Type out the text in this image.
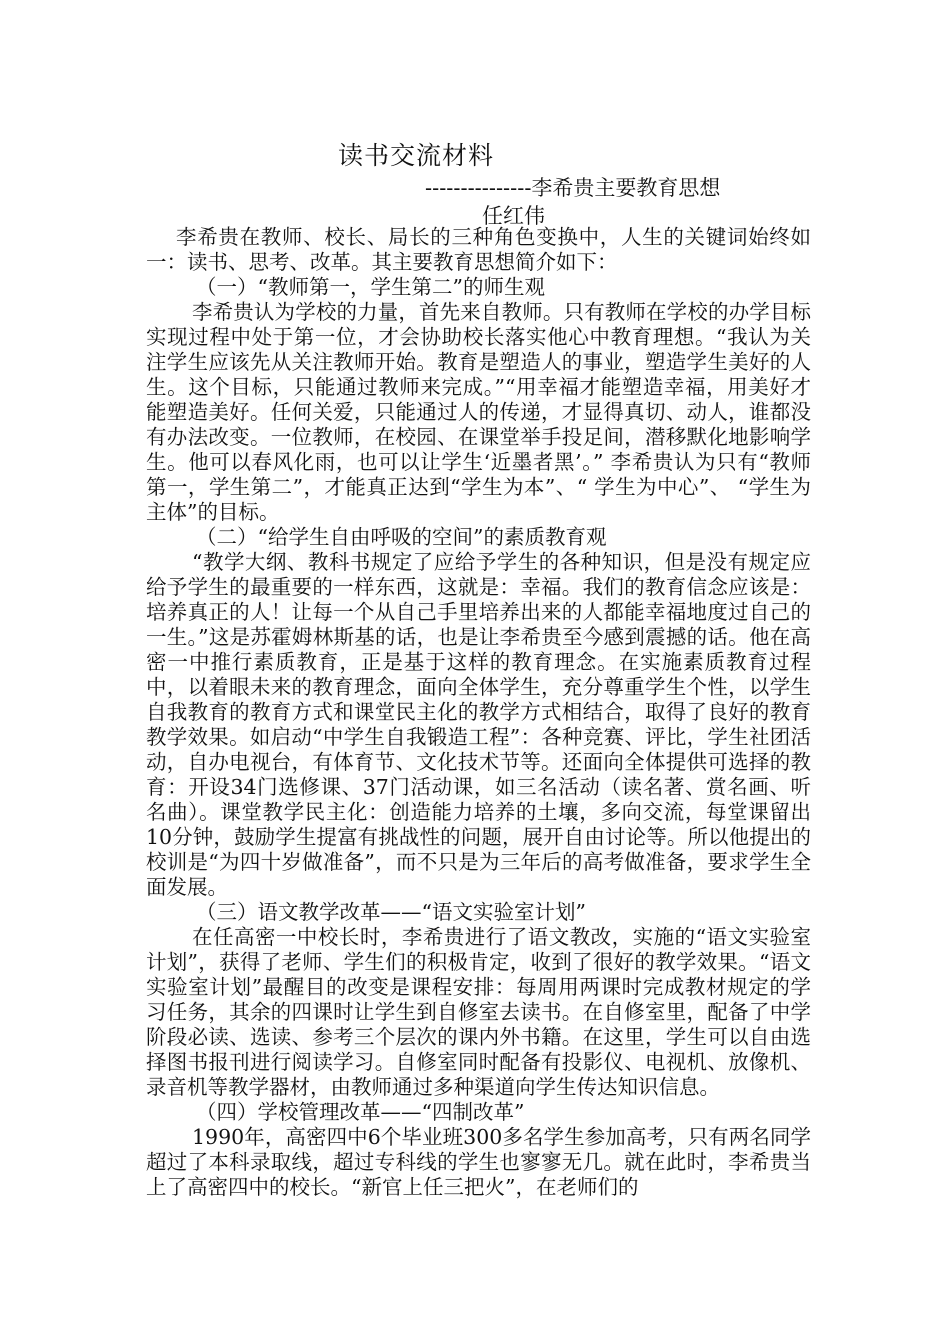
读书交流材料
---------------李希贵主要教育思想
任红伟

李希贵在教师、校长、局长的三种角色变换中，人生的关键词始终如一：读书、思考、改革。其主要教育思想简介如下：

（一）“教师第一，学生第二”的师生观

李希贵认为学校的力量，首先来自教师。只有教师在学校的办学目标实现过程中处于第一位，才会协助校长落实他心中教育理想。“我认为关注学生应该先从关注教师开始。教育是塑造人的事业，塑造学生美好的人生。这个目标，只能通过教师来完成。”“用幸福才能塑造幸福，用美好才能塑造美好。任何关爱，只能通过人的传递，才显得真切、动人，谁都没有办法改变。一位教师，在校园、在课堂举手投足间，潜移默化地影响学生。他可以春风化雨，也可以让学生‘近墨者黑’。” 李希贵认为只有“教师第一，学生第二”，才能真正达到“学生为本”、“ 学生为中心”、 “学生为主体”的目标。

（二）“给学生自由呼吸的空间”的素质教育观

“教学大纲、教科书规定了应给予学生的各种知识，但是没有规定应给予学生的最重要的一样东西，这就是：幸福。我们的教育信念应该是：培养真正的人！让每一个从自己手里培养出来的人都能幸福地度过自己的一生。”这是苏霍姆林斯基的话，也是让李希贵至今感到震撼的话。他在高密一中推行素质教育，正是基于这样的教育理念。在实施素质教育过程中，以着眼未来的教育理念，面向全体学生，充分尊重学生个性，以学生自我教育的教育方式和课堂民主化的教学方式相结合，取得了良好的教育教学效果。如启动“中学生自我锻造工程”：各种竞赛、评比，学生社团活动，自办电视台，有体育节、文化技术节等。还面向全体提供可选择的教育：开设34门选修课、37门活动课，如三名活动（读名著、赏名画、听名曲）。课堂教学民主化：创造能力培养的土壤，多向交流，每堂课留出10分钟，鼓励学生提富有挑战性的问题，展开自由讨论等。所以他提出的校训是“为四十岁做准备”，而不只是为三年后的高考做准备，要求学生全面发展。

（三）语文教学改革——“语文实验室计划”

在任高密一中校长时，李希贵进行了语文教改，实施的“语文实验室计划”，获得了老师、学生们的积极肯定，收到了很好的教学效果。“语文实验室计划”最醒目的改变是课程安排：每周用两课时完成教材规定的学习任务，其余的四课时让学生到自修室去读书。在自修室里，配备了中学阶段必读、选读、参考三个层次的课内外书籍。在这里，学生可以自由选择图书报刊进行阅读学习。自修室同时配备有投影仪、电视机、放像机、录音机等教学器材，由教师通过多种渠道向学生传达知识信息。

（四）学校管理改革——“四制改革”

1990年，高密四中6个毕业班300多名学生参加高考，只有两名同学超过了本科录取线，超过专科线的学生也寥寥无几。就在此时，李希贵当上了高密四中的校长。“新官上任三把火”，在老师们的
